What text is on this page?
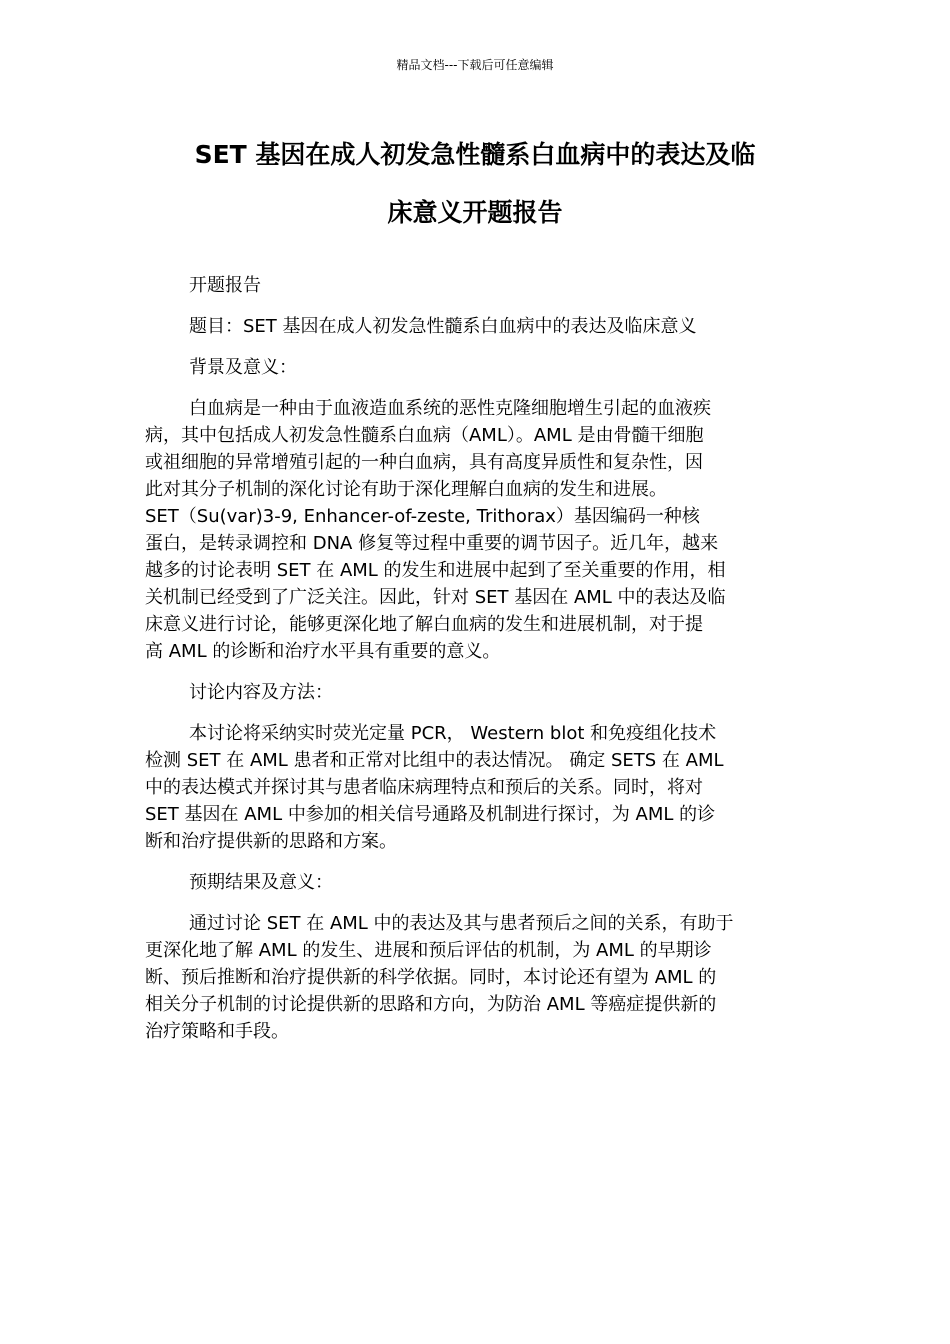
精品文档---下载后可任意编辑
SET 基因在成人初发急性髓系白血病中的表达及临
床意义开题报告
开题报告
题目：SET 基因在成人初发急性髓系白血病中的表达及临床意义
背景及意义：
白血病是一种由于血液造血系统的恶性克隆细胞增生引起的血液疾
病，其中包括成人初发急性髓系白血病（AML）。AML 是由骨髓干细胞
或祖细胞的异常增殖引起的一种白血病，具有高度异质性和复杂性，因
此对其分子机制的深化讨论有助于深化理解白血病的发生和进展。
SET（Su(var)3-9, Enhancer-of-zeste, Trithorax）基因编码一种核
蛋白，是转录调控和 DNA 修复等过程中重要的调节因子。近几年，越来
越多的讨论表明 SET 在 AML 的发生和进展中起到了至关重要的作用，相
关机制已经受到了广泛关注。因此，针对 SET 基因在 AML 中的表达及临
床意义进行讨论，能够更深化地了解白血病的发生和进展机制，对于提
高 AML 的诊断和治疗水平具有重要的意义。
讨论内容及方法：
本讨论将采纳实时荧光定量 PCR， Western blot 和免疫组化技术
检测 SET 在 AML 患者和正常对比组中的表达情况。 确定 SETS 在 AML
中的表达模式并探讨其与患者临床病理特点和预后的关系。同时，将对
SET 基因在 AML 中参加的相关信号通路及机制进行探讨，为 AML 的诊
断和治疗提供新的思路和方案。
预期结果及意义：
通过讨论 SET 在 AML 中的表达及其与患者预后之间的关系，有助于
更深化地了解 AML 的发生、进展和预后评估的机制，为 AML 的早期诊
断、预后推断和治疗提供新的科学依据。同时，本讨论还有望为 AML 的
相关分子机制的讨论提供新的思路和方向，为防治 AML 等癌症提供新的
治疗策略和手段。
